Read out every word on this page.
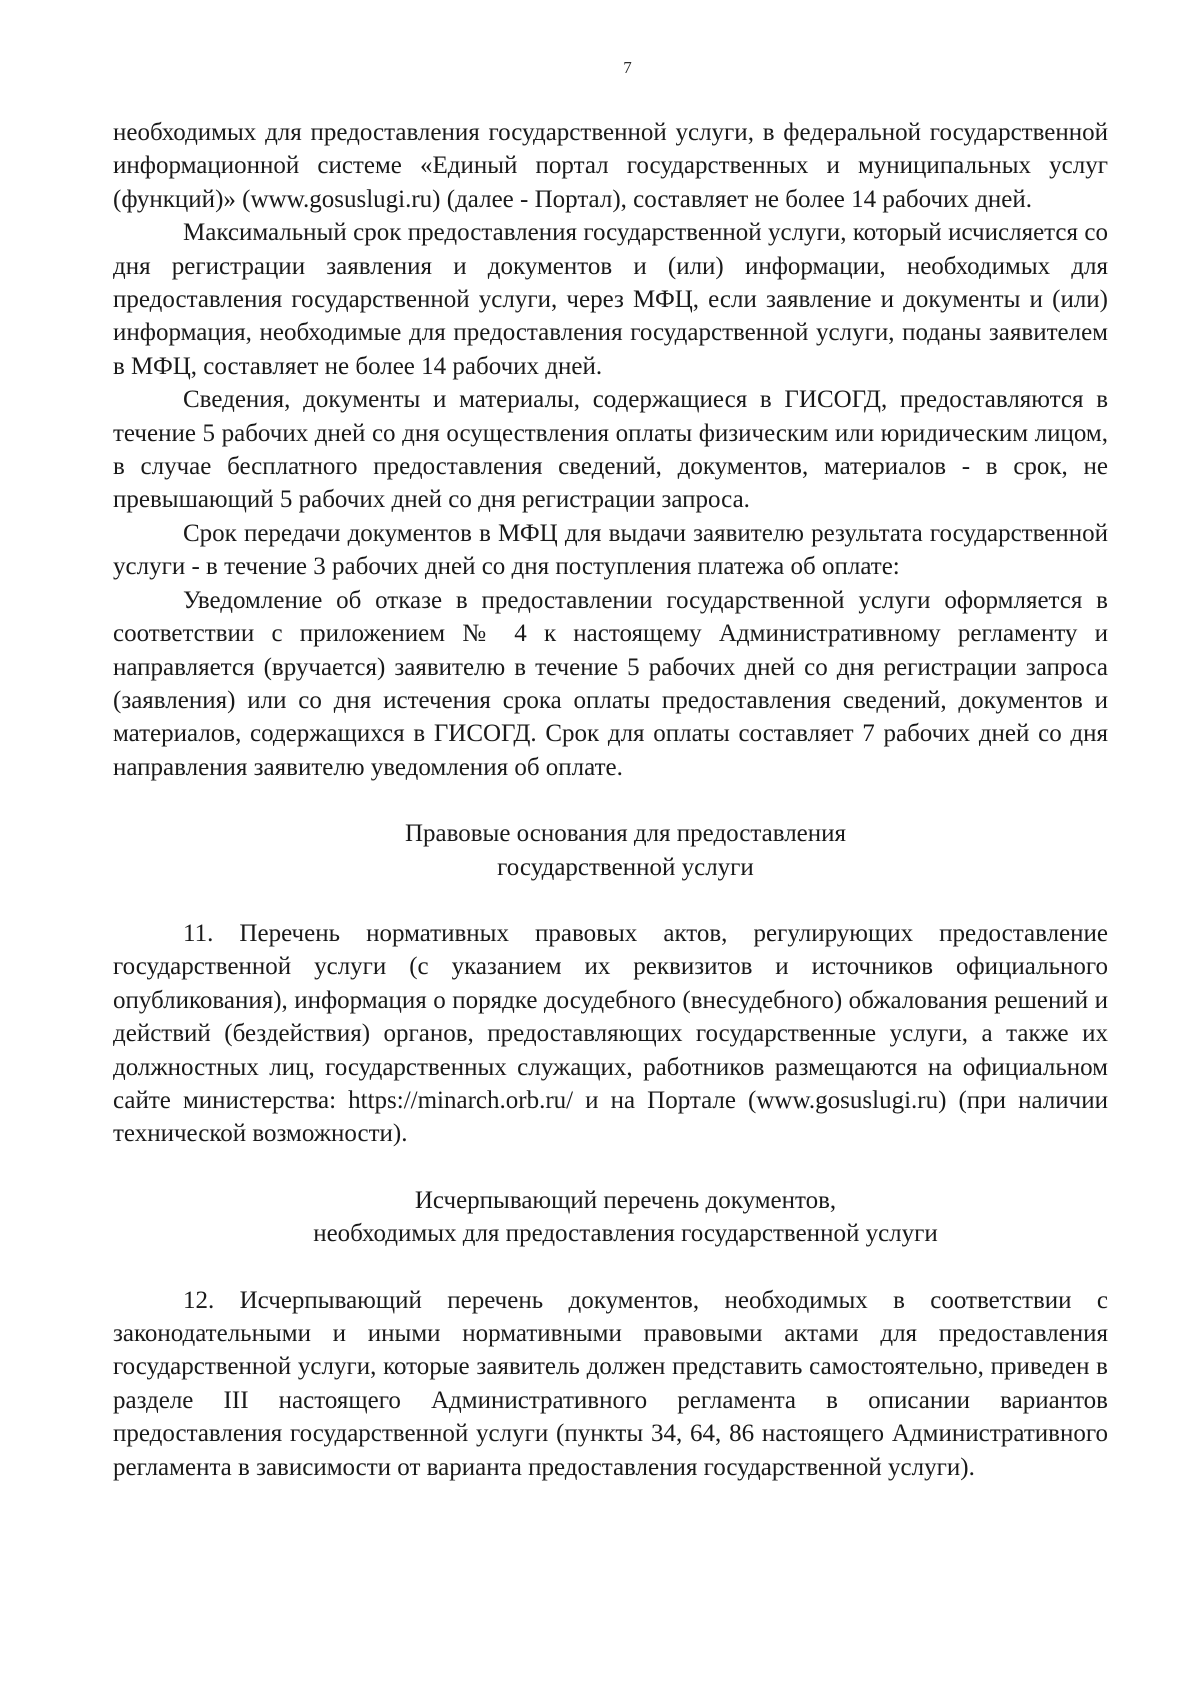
7

необходимых для предоставления государственной услуги, в федеральной государственной информационной системе «Единый портал государственных и муниципальных услуг (функций)» (www.gosuslugi.ru) (далее - Портал), составляет не более 14 рабочих дней.

Максимальный срок предоставления государственной услуги, который исчисляется со дня регистрации заявления и документов и (или) информации, необходимых для предоставления государственной услуги, через МФЦ, если заявление и документы и (или) информация, необходимые для предоставления государственной услуги, поданы заявителем в МФЦ, составляет не более 14 рабочих дней.

Сведения, документы и материалы, содержащиеся в ГИСОГД, предоставляются в течение 5 рабочих дней со дня осуществления оплаты физическим или юридическим лицом, в случае бесплатного предоставления сведений, документов, материалов - в срок, не превышающий 5 рабочих дней со дня регистрации запроса.

Срок передачи документов в МФЦ для выдачи заявителю результата государственной услуги - в течение 3 рабочих дней со дня поступления платежа об оплате:

Уведомление об отказе в предоставлении государственной услуги оформляется в соответствии с приложением № 4 к настоящему Административному регламенту и направляется (вручается) заявителю в течение 5 рабочих дней со дня регистрации запроса (заявления) или со дня истечения срока оплаты предоставления сведений, документов и материалов, содержащихся в ГИСОГД. Срок для оплаты составляет 7 рабочих дней со дня направления заявителю уведомления об оплате.

Правовые основания для предоставления
государственной услуги

11. Перечень нормативных правовых актов, регулирующих предоставление государственной услуги (с указанием их реквизитов и источников официального опубликования), информация о порядке досудебного (внесудебного) обжалования решений и действий (бездействия) органов, предоставляющих государственные услуги, а также их должностных лиц, государственных служащих, работников размещаются на официальном сайте министерства: https://minarch.orb.ru/ и на Портале (www.gosuslugi.ru) (при наличии технической возможности).

Исчерпывающий перечень документов,
необходимых для предоставления государственной услуги

12. Исчерпывающий перечень документов, необходимых в соответствии с законодательными и иными нормативными правовыми актами для предоставления государственной услуги, которые заявитель должен представить самостоятельно, приведен в разделе III настоящего Административного регламента в описании вариантов предоставления государственной услуги (пункты 34, 64, 86 настоящего Административного регламента в зависимости от варианта предоставления государственной услуги).
